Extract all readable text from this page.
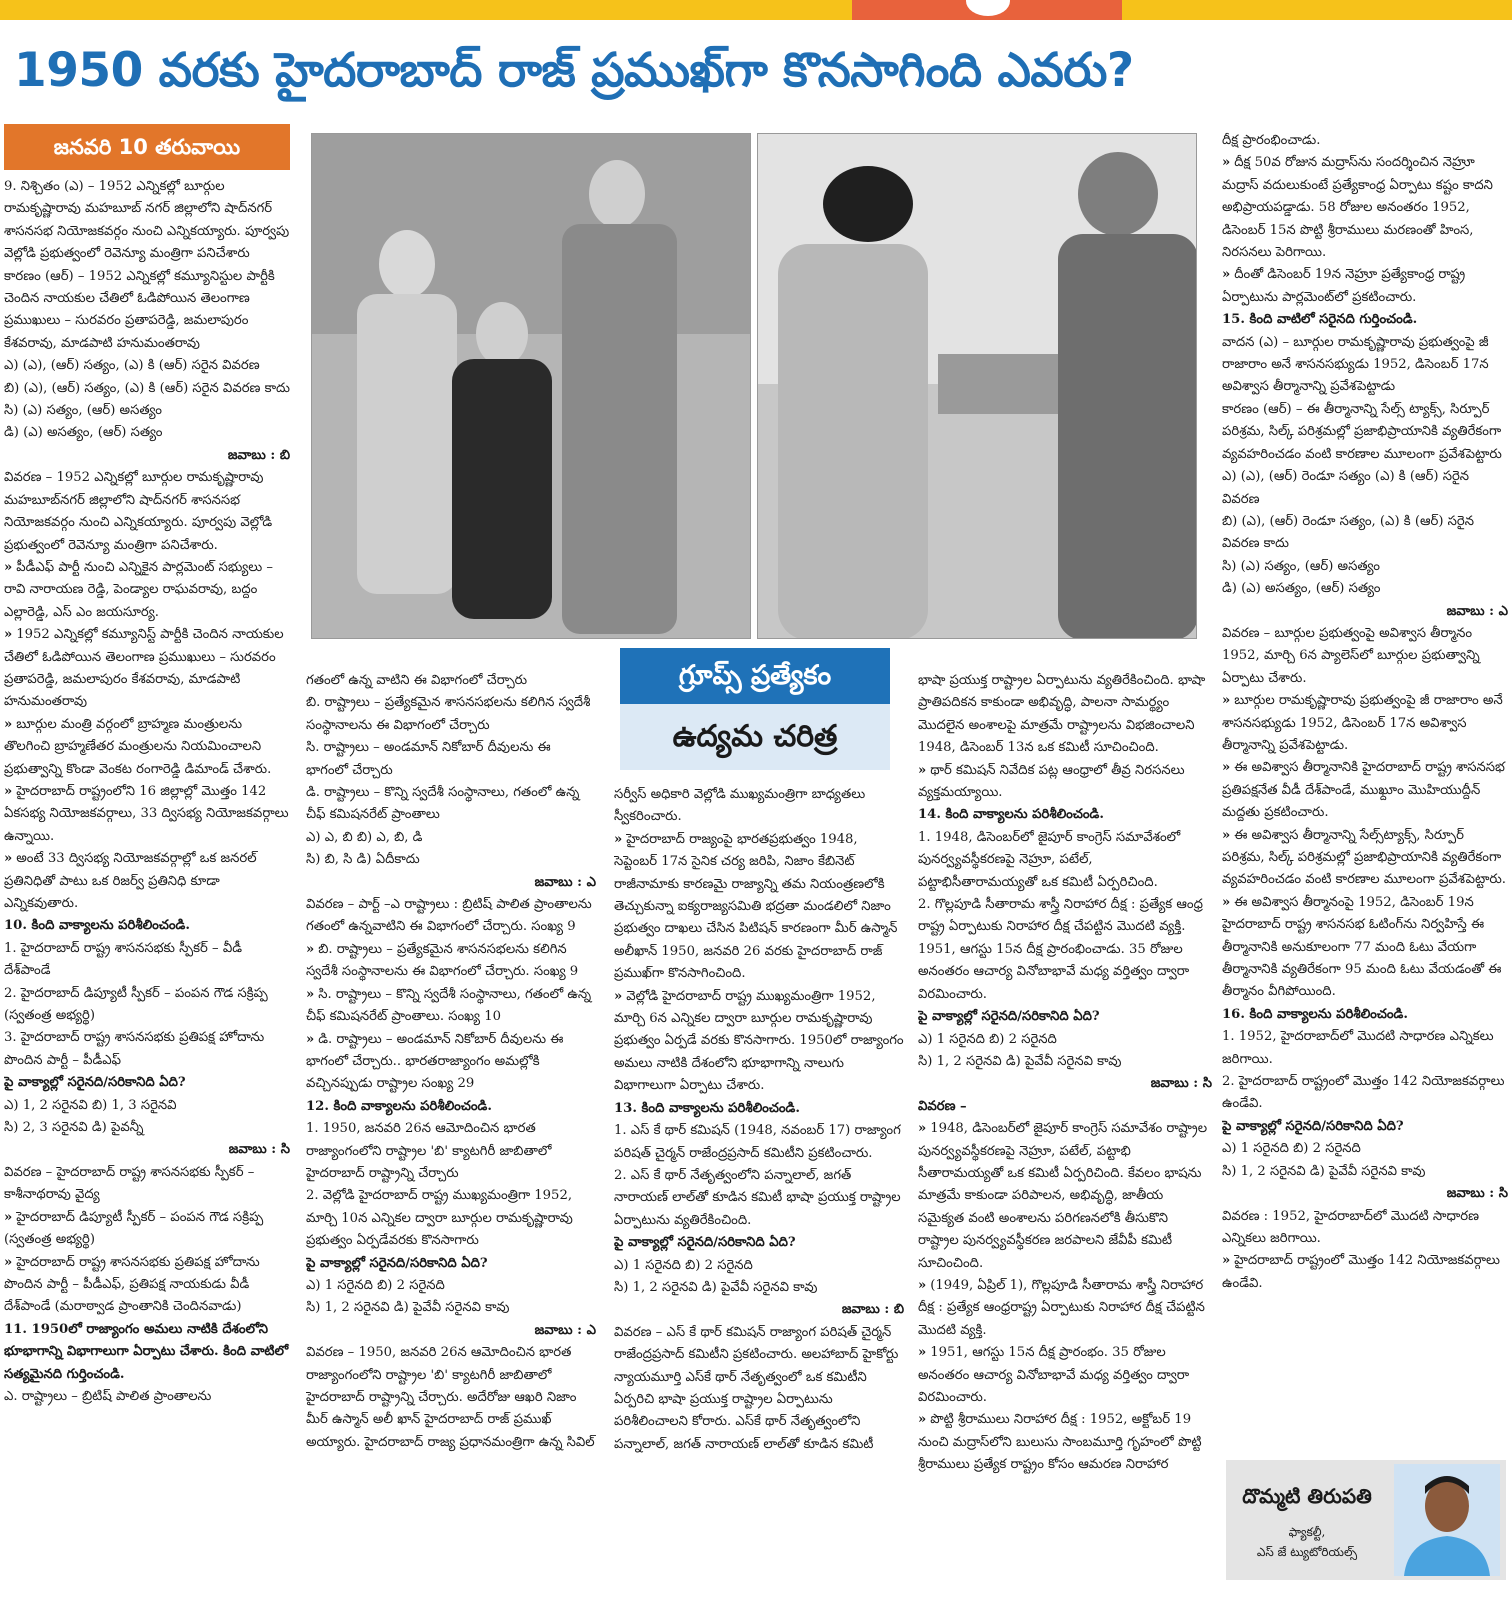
1950 వరకు హైదరాబాద్ రాజ్ ప్రముఖ్‌గా కొనసాగింది ఎవరు?
జనవరి 10 తరువాయి

9. నిశ్చితం (ఎ) – 1952 ఎన్నికల్లో బూర్గుల రామకృష్ణారావు మహబూబ్ నగర్ జిల్లాలోని షాద్‌నగర్ శాసనసభ నియోజకవర్గం నుంచి ఎన్నికయ్యారు. పూర్వపు వెల్లోడి ప్రభుత్వంలో రెవెన్యూ మంత్రిగా పనిచేశారు

కారణం (ఆర్) – 1952 ఎన్నికల్లో కమ్యూనిస్టుల పార్టీకి చెందిన నాయకుల చేతిలో ఓడిపోయిన తెలంగాణ ప్రముఖులు – సురవరం ప్రతాపరెడ్డి, జమలాపురం కేశవరావు, మాడపాటి హనుమంతరావు

ఎ) (ఎ), (ఆర్) సత్యం, (ఎ) కి (ఆర్) సరైన వివరణ

బి) (ఎ), (ఆర్) సత్యం, (ఎ) కి (ఆర్) సరైన వివరణ కాదు

సి) (ఎ) సత్యం, (ఆర్) అసత్యం

డి) (ఎ) అసత్యం, (ఆర్) సత్యం

జవాబు : బి

వివరణ – 1952 ఎన్నికల్లో బూర్గుల రామకృష్ణారావు మహబూబ్‌నగర్ జిల్లాలోని షాద్‌నగర్ శాసనసభ నియోజకవర్గం నుంచి ఎన్నికయ్యారు. పూర్వపు వెల్లోడి ప్రభుత్వంలో రెవెన్యూ మంత్రిగా పనిచేశారు.

» పీడీఎఫ్ పార్టీ నుంచి ఎన్నికైన పార్లమెంట్ సభ్యులు – రావి నారాయణ రెడ్డి, పెండ్యాల రాఘవరావు, బద్దం ఎల్లారెడ్డి, ఎస్ ఎం జయసూర్య.

» 1952 ఎన్నికల్లో కమ్యూనిస్ట్ పార్టీకి చెందిన నాయకుల చేతిలో ఓడిపోయిన తెలంగాణ ప్రముఖులు – సురవరం ప్రతాపరెడ్డి, జమలాపురం కేశవరావు, మాడపాటి హనుమంతరావు

» బూర్గుల మంత్రి వర్గంలో బ్రాహ్మణ మంత్రులను తొలగించి బ్రాహ్మణేతర మంత్రులను నియమించాలని ప్రభుత్వాన్ని కొండా వెంకట రంగారెడ్డి డిమాండ్ చేశారు.

» హైదరాబాద్ రాష్ట్రంలోని 16 జిల్లాల్లో మొత్తం 142 ఏకసభ్య నియోజకవర్గాలు, 33 ద్విసభ్య నియోజకవర్గాలు ఉన్నాయి.

» అంటే 33 ద్విసభ్య నియోజకవర్గాల్లో ఒక జనరల్ ప్రతినిధితో పాటు ఒక రిజర్వ్ ప్రతినిధి కూడా ఎన్నికవుతారు.

10. కింది వాక్యాలను పరిశీలించండి.

1. హైదరాబాద్ రాష్ట్ర శాసనసభకు స్పీకర్ – వీడీ దేశ్‌పాండే

2. హైదరాబాద్ డిప్యూటీ స్పీకర్ – పంపన గౌడ సక్రిప్ప (స్వతంత్ర అభ్యర్థి)

3. హైదరాబాద్ రాష్ట్ర శాసనసభకు ప్రతిపక్ష హోదాను పొందిన పార్టీ – పీడీఎఫ్

పై వాక్యాల్లో సరైనది/సరికానిది ఏది?

ఎ) 1, 2 సరైనవి బి) 1, 3 సరైనవి

సి) 2, 3 సరైనవి డి) పైవన్నీ

జవాబు : సి

వివరణ – హైదరాబాద్ రాష్ట్ర శాసనసభకు స్పీకర్ – కాశీనాథరావు వైద్య

» హైదరాబాద్ డిప్యూటీ స్పీకర్ – పంపన గౌడ సక్రిప్ప (స్వతంత్ర అభ్యర్థి)

» హైదరాబాద్ రాష్ట్ర శాసనసభకు ప్రతిపక్ష హోదాను పొందిన పార్టీ – పీడీఎఫ్, ప్రతిపక్ష నాయకుడు వీడీ దేశ్‌పాండే (మరాఠ్వాడ ప్రాంతానికి చెందినవాడు)

11. 1950లో రాజ్యాంగం అమలు నాటికి దేశంలోని భూభాగాన్ని విభాగాలుగా ఏర్పాటు చేశారు. కింది వాటిలో సత్యమైనది గుర్తించండి.

ఎ. రాష్ట్రాలు – బ్రిటిష్ పాలిత ప్రాంతాలను

గ్రూప్స్ ప్రత్యేకం
ఉద్యమ చరిత్ర

గతంలో ఉన్న వాటిని ఈ విభాగంలో చేర్చారు

బి. రాష్ట్రాలు – ప్రత్యేకమైన శాసనసభలను కలిగిన స్వదేశీ సంస్థానాలను ఈ విభాగంలో చేర్చారు

సి. రాష్ట్రాలు – అండమాన్ నికోబార్ దీవులను ఈ భాగంలో చేర్చారు

డి. రాష్ట్రాలు – కొన్ని స్వదేశీ సంస్థానాలు, గతంలో ఉన్న చీఫ్ కమిషనరేట్ ప్రాంతాలు

ఎ) ఎ, బి బి) ఎ, బి, డి

సి) బి, సి డి) ఏదీకాదు

జవాబు : ఎ

వివరణ – పార్ట్ –ఎ రాష్ట్రాలు : బ్రిటిష్ పాలిత ప్రాంతాలను గతంలో ఉన్నవాటిని ఈ విభాగంలో చేర్చారు. సంఖ్య 9

» బి. రాష్ట్రాలు – ప్రత్యేకమైన శాసనసభలను కలిగిన స్వదేశీ సంస్థానాలను ఈ విభాగంలో చేర్చారు. సంఖ్య 9

» సి. రాష్ట్రాలు – కొన్ని స్వదేశీ సంస్థానాలు, గతంలో ఉన్న చీఫ్ కమిషనరేట్ ప్రాంతాలు. సంఖ్య 10

» డి. రాష్ట్రాలు – అండమాన్ నికోబార్ దీవులను ఈ భాగంలో చేర్చారు.. భారతరాజ్యాంగం అమల్లోకి వచ్చినప్పుడు రాష్ట్రాల సంఖ్య 29

12. కింది వాక్యాలను పరిశీలించండి.

1. 1950, జనవరి 26న ఆమోదించిన భారత రాజ్యాంగంలోని రాష్ట్రాల 'బి' క్యాటగిరీ జాబితాలో హైదరాబాద్ రాష్ట్రాన్ని చేర్చారు

2. వెల్లోడి హైదరాబాద్ రాష్ట్ర ముఖ్యమంత్రిగా 1952, మార్చి 10న ఎన్నికల ద్వారా బూర్గుల రామకృష్ణారావు ప్రభుత్వం ఏర్పడేవరకు కొనసాగారు

పై వాక్యాల్లో సరైనది/సరికానిది ఏది?

ఎ) 1 సరైనది బి) 2 సరైనది

సి) 1, 2 సరైనవి డి) పైవేవీ సరైనవి కావు

జవాబు : ఎ

వివరణ – 1950, జనవరి 26న ఆమోదించిన భారత రాజ్యాంగంలోని రాష్ట్రాల 'బి' క్యాటగిరీ జాబితాలో హైదరాబాద్ రాష్ట్రాన్ని చేర్చారు. అదేరోజు ఆఖరి నిజాం మీర్ ఉస్మాన్ అలీ ఖాన్ హైదరాబాద్ రాజ్ ప్రముఖ్ అయ్యారు. హైదరాబాద్ రాజ్య ప్రధానమంత్రిగా ఉన్న సివిల్

సర్వీస్ అధికారి వెల్లోడి ముఖ్యమంత్రిగా బాధ్యతలు స్వీకరించారు.

» హైదరాబాద్ రాజ్యంపై భారతప్రభుత్వం 1948, సెప్టెంబర్ 17న సైనిక చర్య జరిపి, నిజాం కేబినెట్ రాజీనామాకు కారణమై రాజ్యాన్ని తమ నియంత్రణలోకి తెచ్చుకున్నా ఐక్యరాజ్యసమితి భద్రతా మండలిలో నిజాం ప్రభుత్వం దాఖలు చేసిన పిటిషన్ కారణంగా మీర్ ఉస్మాన్ అలీఖాన్ 1950, జనవరి 26 వరకు హైదరాబాద్ రాజ్ ప్రముఖ్‌గా కొనసాగించింది.

» వెల్లోడి హైదరాబాద్ రాష్ట్ర ముఖ్యమంత్రిగా 1952, మార్చి 6న ఎన్నికల ద్వారా బూర్గుల రామకృష్ణారావు ప్రభుత్వం ఏర్పడే వరకు కొనసాగారు. 1950లో రాజ్యాంగం అమలు నాటికి దేశంలోని భూభాగాన్ని నాలుగు విభాగాలుగా ఏర్పాటు చేశారు.

13. కింది వాక్యాలను పరిశీలించండి.

1. ఎస్ కే థార్ కమిషన్ (1948, నవంబర్ 17) రాజ్యాంగ పరిషత్ చైర్మన్ రాజేంద్రప్రసాద్ కమిటీని ప్రకటించారు.

2. ఎస్ కే థార్ నేతృత్వంలోని పన్నాలాల్, జగత్ నారాయణ్ లాల్‌తో కూడిన కమిటీ భాషా ప్రయుక్త రాష్ట్రాల ఏర్పాటును వ్యతిరేకించింది.

పై వాక్యాల్లో సరైనది/సరికానిది ఏది?

ఎ) 1 సరైనది బి) 2 సరైనది

సి) 1, 2 సరైనవి డి) పైవేవీ సరైనవి కావు

జవాబు : బి

వివరణ – ఎస్ కే థార్ కమిషన్ రాజ్యాంగ పరిషత్ చైర్మన్ రాజేంద్రప్రసాద్ కమిటీని ప్రకటించారు. అలహాబాద్ హైకోర్టు న్యాయమూర్తి ఎస్‌కే థార్ నేతృత్వంలో ఒక కమిటీని ఏర్పరిచి భాషా ప్రయుక్త రాష్ట్రాల ఏర్పాటును పరిశీలించాలని కోరారు. ఎస్‌కే థార్ నేతృత్వంలోని పన్నాలాల్, జగత్ నారాయణ్ లాల్‌తో కూడిన కమిటీ

భాషా ప్రయుక్త రాష్ట్రాల ఏర్పాటును వ్యతిరేకించింది. భాషా ప్రాతిపదికన కాకుండా అభివృద్ధి, పాలనా సామర్థ్యం మొదలైన అంశాలపై మాత్రమే రాష్ట్రాలను విభజించాలని 1948, డిసెంబర్ 13న ఒక కమిటీ సూచించింది.

» థార్ కమిషన్ నివేదిక పట్ల ఆంధ్రాలో తీవ్ర నిరసనలు వ్యక్తమయ్యాయి.

14. కింది వాక్యాలను పరిశీలించండి.

1. 1948, డిసెంబర్‌లో జైపూర్ కాంగ్రెస్ సమావేశంలో పునర్వ్యవస్థీకరణపై నెహ్రూ, పటేల్, పట్టాభిసీతారామయ్యతో ఒక కమిటీ ఏర్పరిచింది.

2. గొల్లపూడి సీతారామ శాస్త్రీ నిరాహార దీక్ష : ప్రత్యేక ఆంధ్ర రాష్ట్ర ఏర్పాటుకు నిరాహార దీక్ష చేపట్టిన మొదటి వ్యక్తి. 1951, ఆగస్టు 15న దీక్ష ప్రారంభించాడు. 35 రోజుల అనంతరం ఆచార్య వినోబాభావే మధ్య వర్తిత్వం ద్వారా విరమించారు.

పై వాక్యాల్లో సరైనది/సరికానిది ఏది?

ఎ) 1 సరైనది బి) 2 సరైనది

సి) 1, 2 సరైనవి డి) పైవేవీ సరైనవి కావు

జవాబు : సి

వివరణ –

» 1948, డిసెంబర్‌లో జైపూర్ కాంగ్రెస్ సమావేశం రాష్ట్రాల పునర్వ్యవస్థీకరణపై నెహ్రూ, పటేల్, పట్టాభి సీతారామయ్యతో ఒక కమిటీ ఏర్పరిచింది. కేవలం భాషను మాత్రమే కాకుండా పరిపాలన, అభివృద్ధి, జాతీయ సమైక్యత వంటి అంశాలను పరిగణనలోకి తీసుకొని రాష్ట్రాల పునర్వ్యవస్థీకరణ జరపాలని జేవీపీ కమిటీ సూచించింది.

» (1949, ఏప్రిల్ 1), గొల్లపూడి సీతారామ శాస్త్రీ నిరాహార దీక్ష : ప్రత్యేక ఆంధ్రరాష్ట్ర ఏర్పాటుకు నిరాహార దీక్ష చేపట్టిన మొదటి వ్యక్తి.

» 1951, ఆగస్టు 15న దీక్ష ప్రారంభం. 35 రోజుల అనంతరం ఆచార్య వినోబాభావే మధ్య వర్తిత్వం ద్వారా విరమించారు.

» పొట్టి శ్రీరాములు నిరాహార దీక్ష : 1952, అక్టోబర్ 19 నుంచి మద్రాస్‌లోని బులుసు సాంబమూర్తి గృహంలో పొట్టి శ్రీరాములు ప్రత్యేక రాష్ట్రం కోసం ఆమరణ నిరాహార

దీక్ష ప్రారంభించాడు.

» దీక్ష 50వ రోజున మద్రాస్‌ను సందర్శించిన నెహ్రూ మద్రాస్ వదులుకుంటే ప్రత్యేకాంధ్ర ఏర్పాటు కష్టం కాదని అభిప్రాయపడ్డాడు. 58 రోజుల అనంతరం 1952, డిసెంబర్ 15న పొట్టి శ్రీరాములు మరణంతో హింస, నిరసనలు పెరిగాయి.

» దీంతో డిసెంబర్ 19న నెహ్రూ ప్రత్యేకాంధ్ర రాష్ట్ర ఏర్పాటును పార్లమెంట్‌లో ప్రకటించారు.

15. కింది వాటిలో సరైనది గుర్తించండి.

వాదన (ఎ) – బూర్గుల రామకృష్ణారావు ప్రభుత్వంపై జీ రాజారాం అనే శాసనసభ్యుడు 1952, డిసెంబర్ 17న అవిశ్వాస తీర్మానాన్ని ప్రవేశపెట్టాడు

కారణం (ఆర్) – ఈ తీర్మానాన్ని సేల్స్ ట్యాక్స్, సిర్పూర్ పరిశ్రమ, సిల్క్ పరిశ్రమల్లో ప్రజాభిప్రాయానికి వ్యతిరేకంగా వ్యవహరించడం వంటి కారణాల మూలంగా ప్రవేశపెట్టారు

ఎ) (ఎ), (ఆర్) రెండూ సత్యం (ఎ) కి (ఆర్) సరైన వివరణ

బి) (ఎ), (ఆర్) రెండూ సత్యం, (ఎ) కి (ఆర్) సరైన వివరణ కాదు

సి) (ఎ) సత్యం, (ఆర్) అసత్యం

డి) (ఎ) అసత్యం, (ఆర్) సత్యం

జవాబు : ఎ

వివరణ – బూర్గుల ప్రభుత్వంపై అవిశ్వాస తీర్మానం 1952, మార్చి 6న ప్యాలెస్‌లో బూర్గుల ప్రభుత్వాన్ని ఏర్పాటు చేశారు.

» బూర్గుల రామకృష్ణారావు ప్రభుత్వంపై జీ రాజారాం అనే శాసనసభ్యుడు 1952, డిసెంబర్ 17న అవిశ్వాస తీర్మానాన్ని ప్రవేశపెట్టాడు.

» ఈ అవిశ్వాస తీర్మానానికి హైదరాబాద్ రాష్ట్ర శాసనసభ ప్రతిపక్షనేత వీడీ దేశ్‌పాండే, ముఖ్దూం మొహియుద్దీన్ మద్దతు ప్రకటించారు.

» ఈ అవిశ్వాస తీర్మానాన్ని సేల్స్‌ట్యాక్స్, సిర్పూర్ పరిశ్రమ, సిల్క్ పరిశ్రమల్లో ప్రజాభిప్రాయానికి వ్యతిరేకంగా వ్యవహరించడం వంటి కారణాల మూలంగా ప్రవేశపెట్టారు.

» ఈ అవిశ్వాస తీర్మానంపై 1952, డిసెంబర్ 19న హైదరాబాద్ రాష్ట్ర శాసనసభ ఓటింగ్‌ను నిర్వహిస్తే ఈ తీర్మానానికి అనుకూలంగా 77 మంది ఓటు వేయగా తీర్మానానికి వ్యతిరేకంగా 95 మంది ఓటు వేయడంతో ఈ తీర్మానం వీగిపోయింది.

16. కింది వాక్యాలను పరిశీలించండి.

1. 1952, హైదరాబాద్‌లో మొదటి సాధారణ ఎన్నికలు జరిగాయి.

2. హైదరాబాద్ రాష్ట్రంలో మొత్తం 142 నియోజకవర్గాలు ఉండేవి.

పై వాక్యాల్లో సరైనది/సరికానిది ఏది?

ఎ) 1 సరైనది బి) 2 సరైనది

సి) 1, 2 సరైనవి డి) పైవేవీ సరైనవి కావు

జవాబు : సి

వివరణ : 1952, హైదరాబాద్‌లో మొదటి సాధారణ ఎన్నికలు జరిగాయి.

» హైదరాబాద్ రాష్ట్రంలో మొత్తం 142 నియోజకవర్గాలు ఉండేవి.

దొమ్మటి తిరుపతి
ఫ్యాకల్టీ,
ఎస్ జే ట్యుటోరియల్స్
